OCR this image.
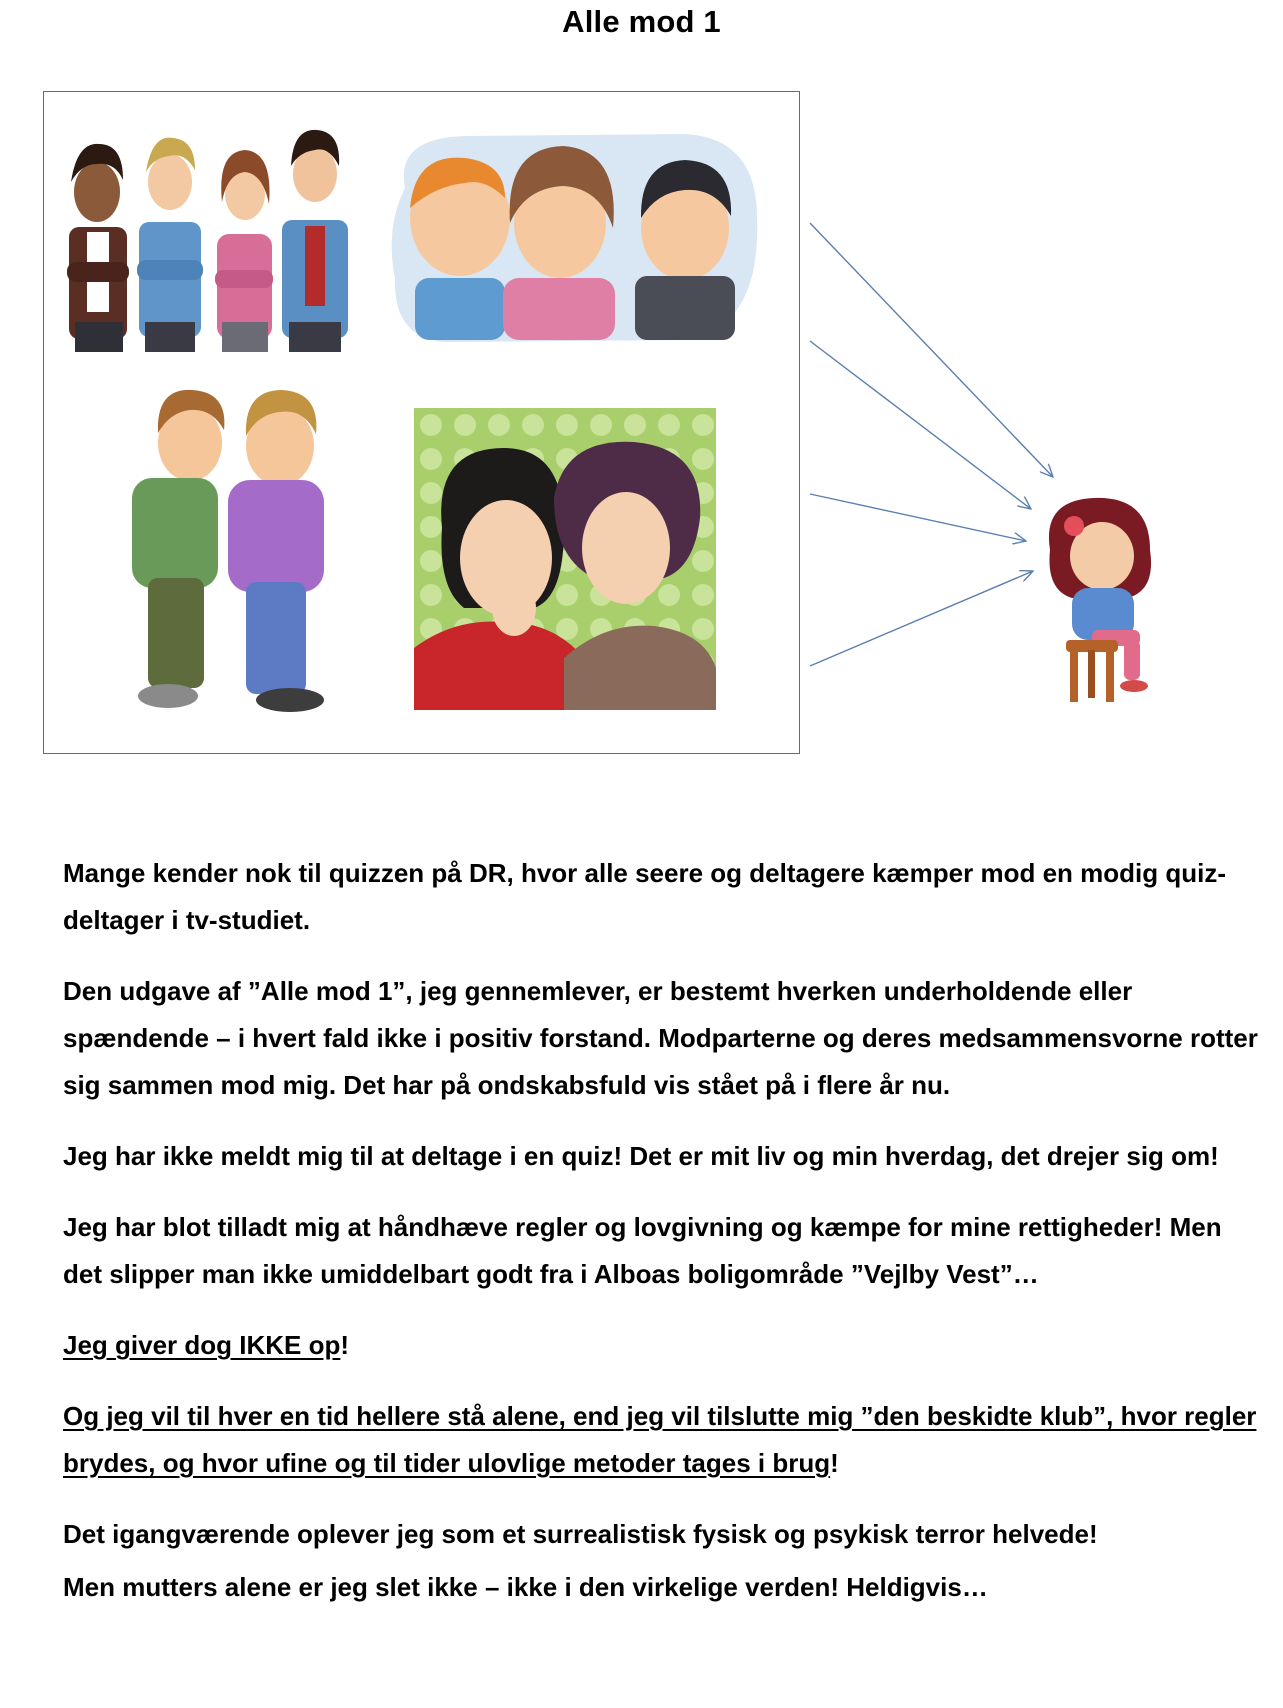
Alle mod 1

Mange kender nok til quizzen på DR, hvor alle seere og deltagere kæmper mod en modig quiz-deltager i tv-studiet.

Den udgave af ”Alle mod 1”, jeg gennemlever, er bestemt hverken underholdende eller spændende – i hvert fald ikke i positiv forstand. Modparterne og deres medsammensvorne rotter sig sammen mod mig. Det har på ondskabsfuld vis stået på i flere år nu.

Jeg har ikke meldt mig til at deltage i en quiz! Det er mit liv og min hverdag, det drejer sig om!

Jeg har blot tilladt mig at håndhæve regler og lovgivning og kæmpe for mine rettigheder! Men det slipper man ikke umiddelbart godt fra i Alboas boligområde ”Vejlby Vest”…

Jeg giver dog IKKE op!

Og jeg vil til hver en tid hellere stå alene, end jeg vil tilslutte mig ”den beskidte klub”, hvor regler brydes, og hvor ufine og til tider ulovlige metoder tages i brug!

Det igangværende oplever jeg som et surrealistisk fysisk og psykisk terror helvede!

Men mutters alene er jeg slet ikke – ikke i den virkelige verden! Heldigvis…
